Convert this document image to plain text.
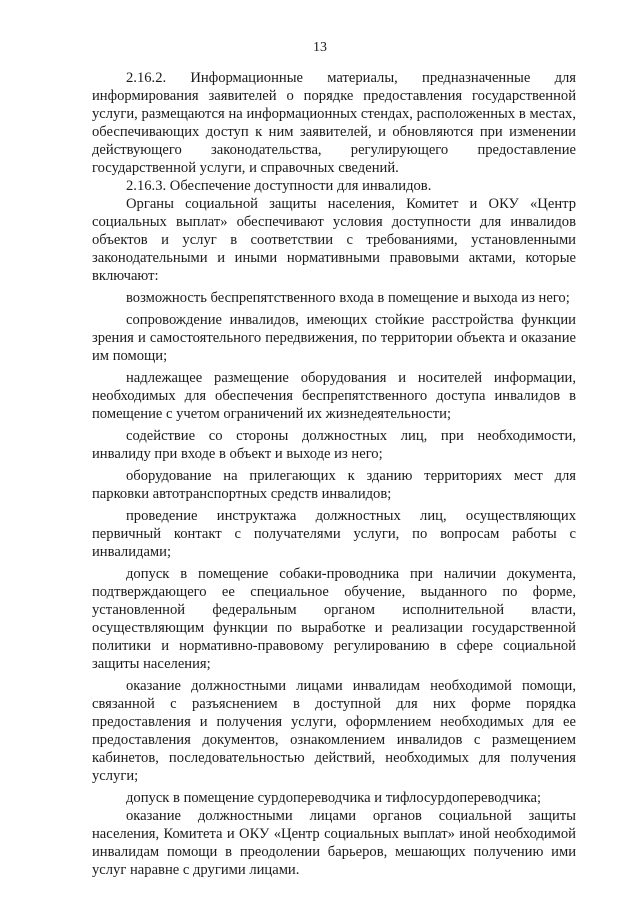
13

2.16.2. Информационные материалы, предназначенные для информирования заявителей о порядке предоставления государственной услуги, размещаются на информационных стендах, расположенных в местах, обеспечивающих доступ к ним заявителей, и обновляются при изменении действующего законодательства, регулирующего предоставление государственной услуги, и справочных сведений.

2.16.3. Обеспечение доступности для инвалидов.

Органы социальной защиты населения, Комитет и ОКУ «Центр социальных выплат» обеспечивают условия доступности для инвалидов объектов и услуг в соответствии с требованиями, установленными законодательными и иными нормативными правовыми актами, которые включают:

возможность беспрепятственного входа в помещение и выхода из него;

сопровождение инвалидов, имеющих стойкие расстройства функции зрения и самостоятельного передвижения, по территории объекта и оказание им помощи;

надлежащее размещение оборудования и носителей информации, необходимых для обеспечения беспрепятственного доступа инвалидов в помещение с учетом ограничений их жизнедеятельности;

содействие со стороны должностных лиц, при необходимости, инвалиду при входе в объект и выходе из него;

оборудование на прилегающих к зданию территориях мест для парковки автотранспортных средств инвалидов;

проведение инструктажа должностных лиц, осуществляющих первичный контакт с получателями услуги, по вопросам работы с инвалидами;

допуск в помещение собаки-проводника при наличии документа, подтверждающего ее специальное обучение, выданного по форме, установленной федеральным органом исполнительной власти, осуществляющим функции по выработке и реализации государственной политики и нормативно-правовому регулированию в сфере социальной защиты населения;

оказание должностными лицами инвалидам необходимой помощи, связанной с разъяснением в доступной для них форме порядка предоставления и получения услуги, оформлением необходимых для ее предоставления документов, ознакомлением инвалидов с размещением кабинетов, последовательностью действий, необходимых для получения услуги;

допуск в помещение сурдопереводчика и тифлосурдопереводчика;

оказание должностными лицами органов социальной защиты населения, Комитета и ОКУ «Центр социальных выплат» иной необходимой инвалидам помощи в преодолении барьеров, мешающих получению ими услуг наравне с другими лицами.
